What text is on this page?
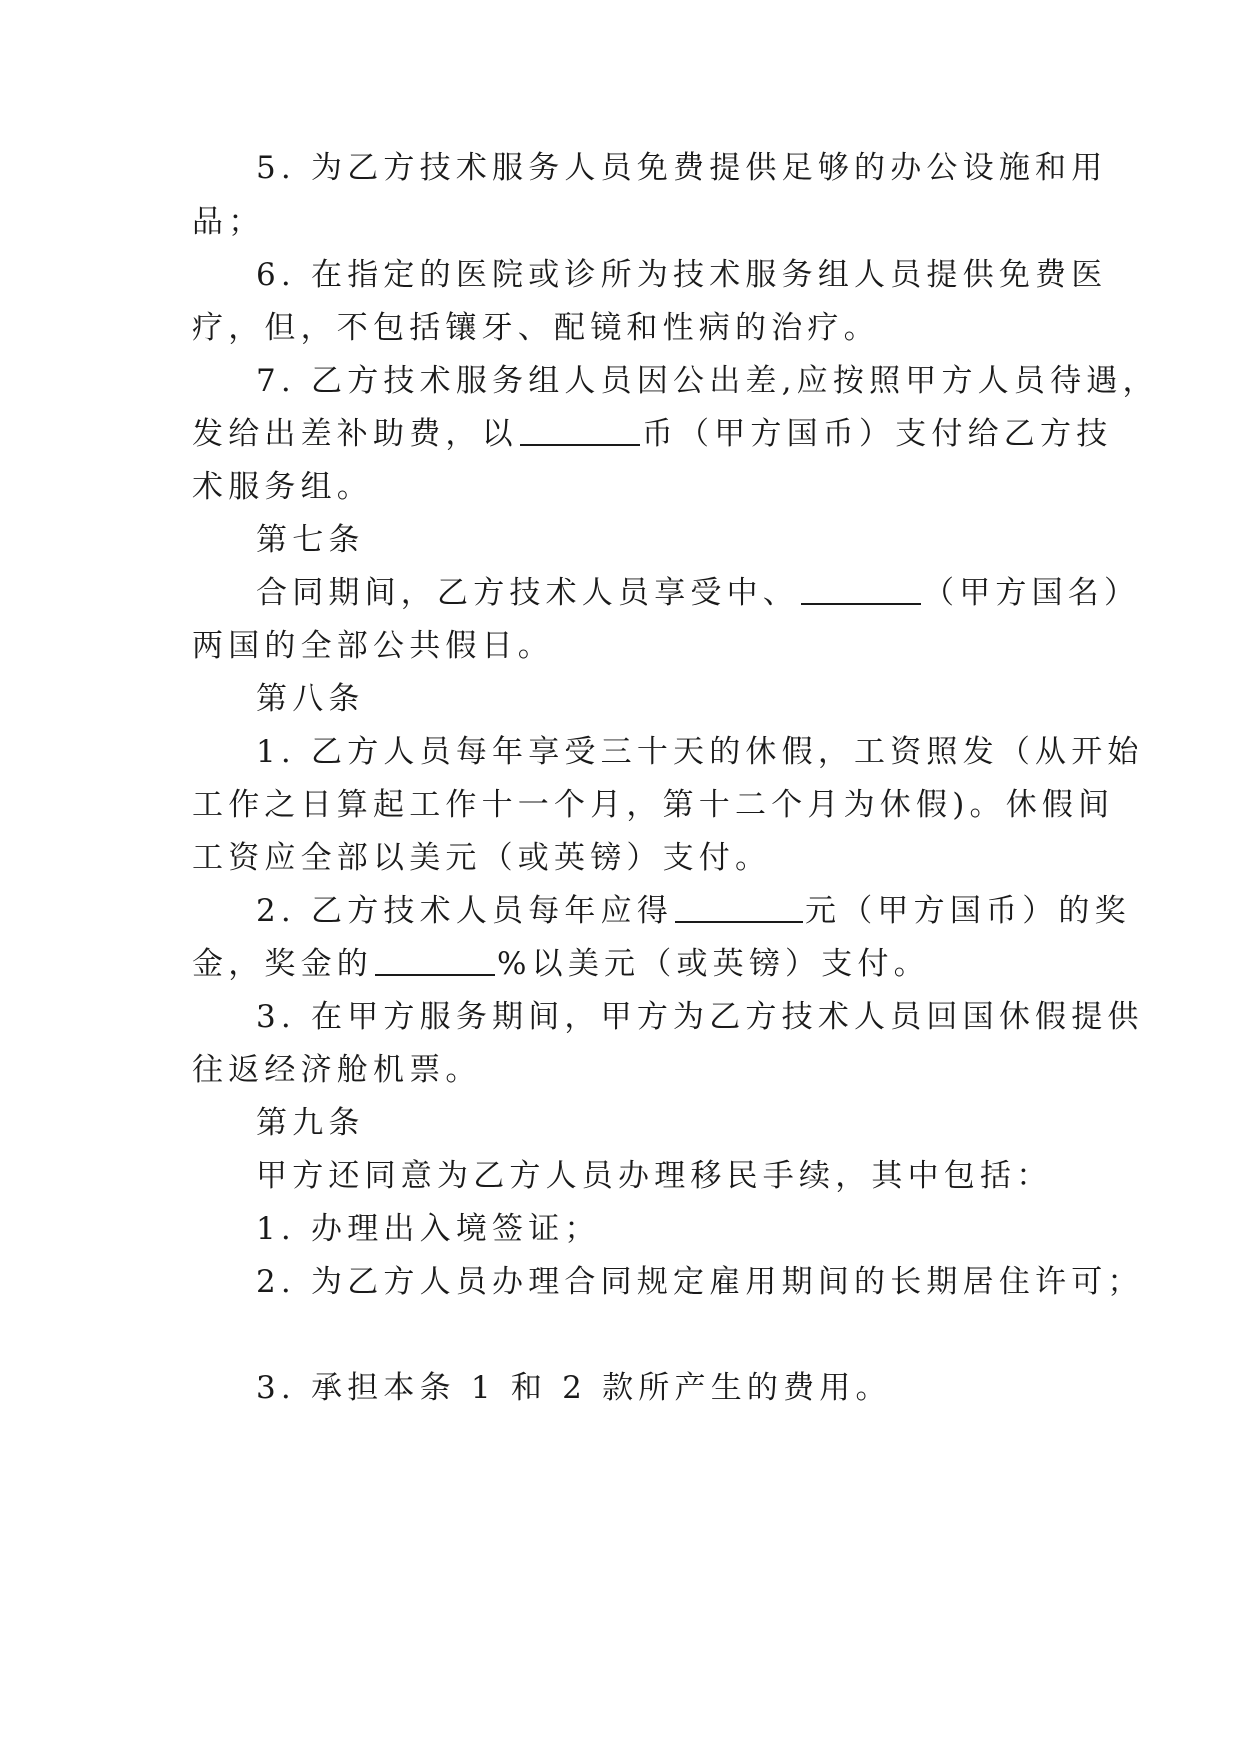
5. 为乙方技术服务人员免费提供足够的办公设施和用
品；
6. 在指定的医院或诊所为技术服务组人员提供免费医
疗，但，不包括镶牙、配镜和性病的治疗。
7. 乙方技术服务组人员因公出差,应按照甲方人员待遇，
发给出差补助费，以	币（甲方国币）支付给乙方技
术服务组。
第七条
合同期间，乙方技术人员享受中、	（甲方国名）
两国的全部公共假日。
第八条
1. 乙方人员每年享受三十天的休假，工资照发（从开始
工作之日算起工作十一个月，第十二个月为休假)。休假间
工资应全部以美元（或英镑）支付。
2. 乙方技术人员每年应得	元（甲方国币）的奖
金，奖金的	%以美元（或英镑）支付。
3. 在甲方服务期间，甲方为乙方技术人员回国休假提供
往返经济舱机票。
第九条
甲方还同意为乙方人员办理移民手续，其中包括：
1. 办理出入境签证；
2. 为乙方人员办理合同规定雇用期间的长期居住许可；
3. 承担本条 1 和 2 款所产生的费用。
